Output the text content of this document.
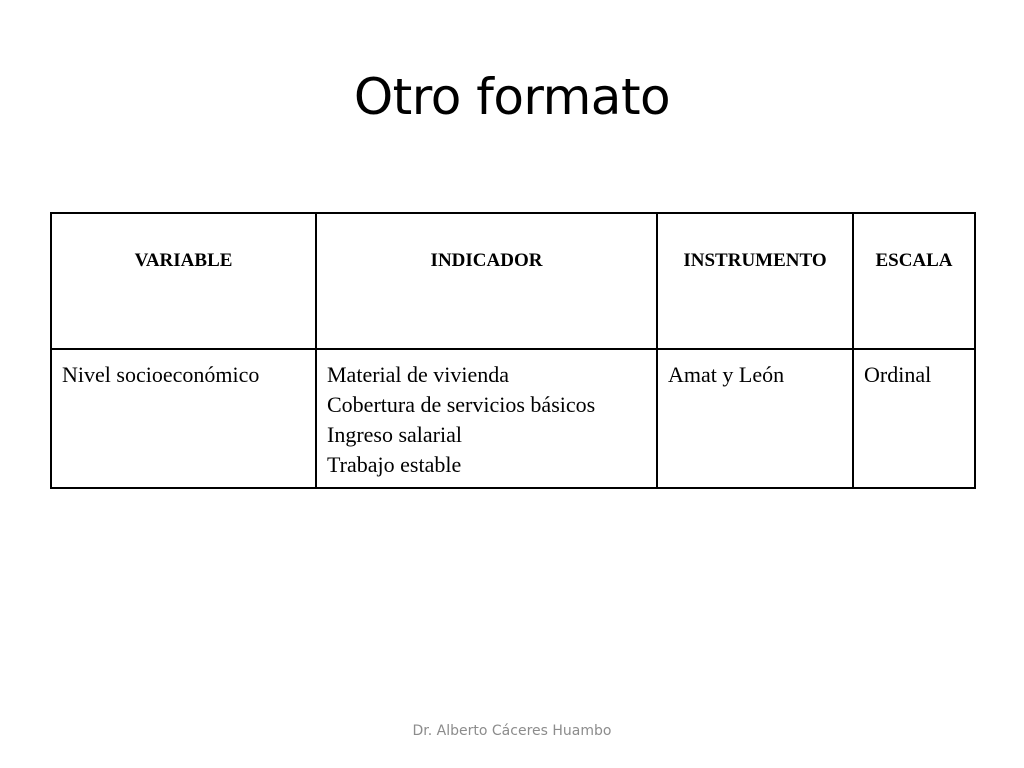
Otro formato
VARIABLE	INDICADOR	INSTRUMENTO	ESCALA

Nivel socioeconómico	Material de vivienda
Cobertura de servicios básicos
Ingreso salarial
Trabajo estable	Amat y León	Ordinal
Dr. Alberto Cáceres Huambo
